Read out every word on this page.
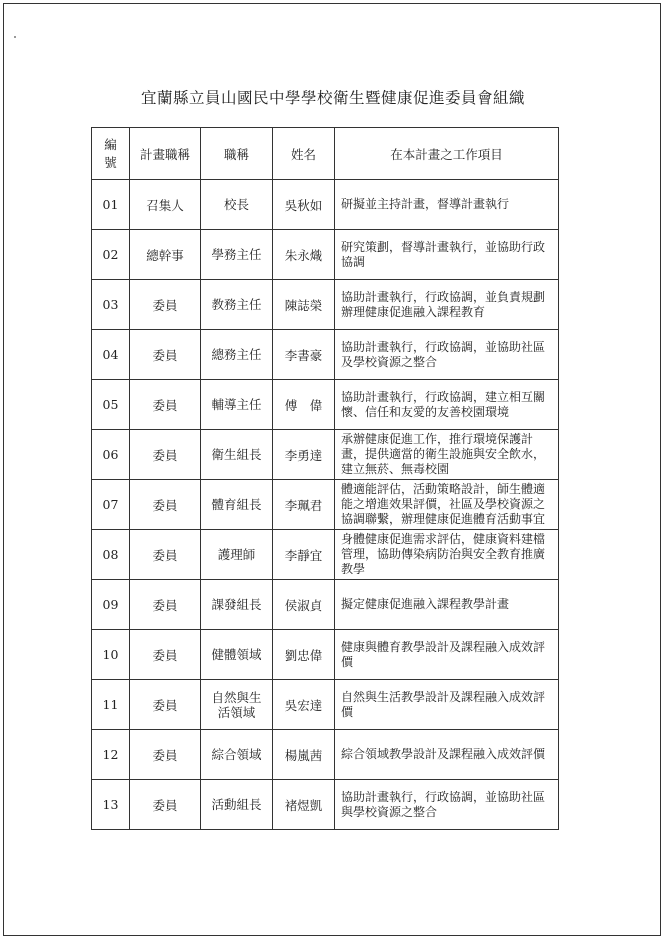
宜蘭縣立員山國民中學學校衛生暨健康促進委員會組織
編號	計畫職稱	職稱	姓名	在本計畫之工作項目
01	召集人	校長	吳秋如	研擬並主持計畫，督導計畫執行
02	總幹事	學務主任	朱永熾	研究策劃，督導計畫執行，並協助行政協調
03	委員	教務主任	陳誌榮	協助計畫執行，行政協調，並負責規劃辦理健康促進融入課程教育
04	委員	總務主任	李書豪	協助計畫執行，行政協調，並協助社區及學校資源之整合
05	委員	輔導主任	傅　偉	協助計畫執行，行政協調，建立相互關懷、信任和友愛的友善校園環境
06	委員	衛生組長	李勇達	承辦健康促進工作，推行環境保護計畫，提供適當的衛生設施與安全飲水，建立無菸、無毒校園
07	委員	體育組長	李珮君	體適能評估，活動策略設計，師生體適能之增進效果評價，社區及學校資源之協調聯繫，辦理健康促進體育活動事宜
08	委員	護理師	李靜宜	身體健康促進需求評估，健康資料建檔管理，協助傳染病防治與安全教育推廣教學
09	委員	課發組長	侯淑貞	擬定健康促進融入課程教學計畫
10	委員	健體領域	劉忠偉	健康與體育教學設計及課程融入成效評價
11	委員	自然與生活領域	吳宏達	自然與生活教學設計及課程融入成效評價
12	委員	綜合領域	楊嵐茜	綜合領域教學設計及課程融入成效評價
13	委員	活動組長	褚煜凱	協助計畫執行，行政協調，並協助社區與學校資源之整合
